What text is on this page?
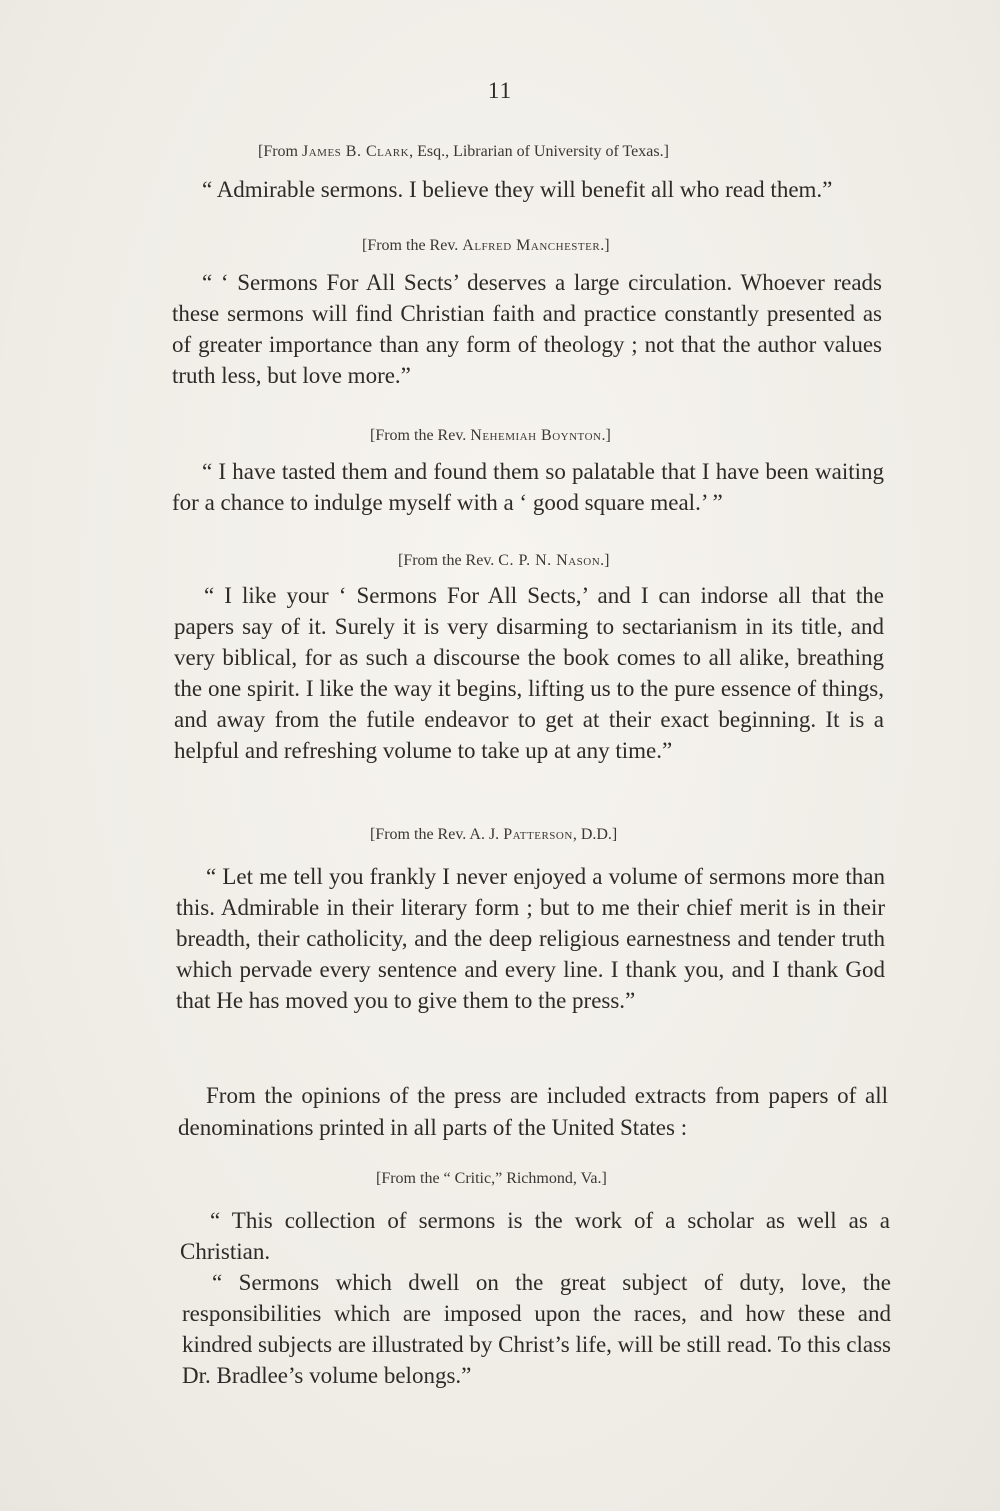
11
[From James B. Clark, Esq., Librarian of University of Texas.]
“ Admirable sermons. I believe they will benefit all who read them.”
[From the Rev. Alfred Manchester.]
“ ‘ Sermons For All Sects’ deserves a large circulation. Whoever reads these sermons will find Christian faith and practice constantly presented as of greater importance than any form of theology ; not that the author values truth less, but love more.”
[From the Rev. Nehemiah Boynton.]
“ I have tasted them and found them so palatable that I have been waiting for a chance to indulge myself with a ‘ good square meal.’ ”
[From the Rev. C. P. N. Nason.]
“ I like your ‘ Sermons For All Sects,’ and I can indorse all that the papers say of it. Surely it is very disarming to sectarianism in its title, and very biblical, for as such a discourse the book comes to all alike, breathing the one spirit. I like the way it begins, lifting us to the pure essence of things, and away from the futile endeavor to get at their exact beginning. It is a helpful and refreshing volume to take up at any time.”
[From the Rev. A. J. Patterson, D.D.]
“ Let me tell you frankly I never enjoyed a volume of sermons more than this. Admirable in their literary form ; but to me their chief merit is in their breadth, their catholicity, and the deep religious earnestness and tender truth which pervade every sentence and every line. I thank you, and I thank God that He has moved you to give them to the press.”
From the opinions of the press are included extracts from papers of all denominations printed in all parts of the United States :
[From the “ Critic,” Richmond, Va.]
“ This collection of sermons is the work of a scholar as well as a Christian.
“ Sermons which dwell on the great subject of duty, love, the responsibilities which are imposed upon the races, and how these and kindred subjects are illustrated by Christ’s life, will be still read. To this class Dr. Bradlee’s volume belongs.”
